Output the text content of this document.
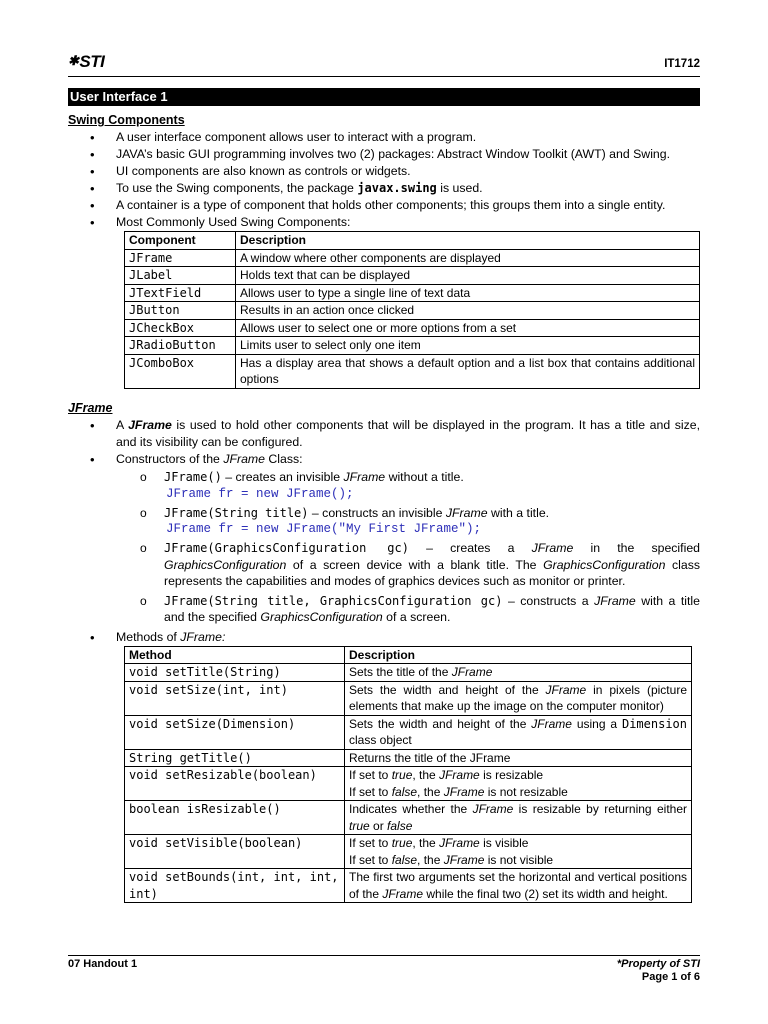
✱STI	IT1712
User Interface 1
Swing Components
• A user interface component allows user to interact with a program.
• JAVA’s basic GUI programming involves two (2) packages: Abstract Window Toolkit (AWT) and Swing.
• UI components are also known as controls or widgets.
• To use the Swing components, the package javax.swing is used.
• A container is a type of component that holds other components; this groups them into a single entity.
• Most Commonly Used Swing Components:
Component	Description
JFrame	A window where other components are displayed
JLabel	Holds text that can be displayed
JTextField	Allows user to type a single line of text data
JButton	Results in an action once clicked
JCheckBox	Allows user to select one or more options from a set
JRadioButton	Limits user to select only one item
JComboBox	Has a display area that shows a default option and a list box that contains additional options
JFrame
• A JFrame is used to hold other components that will be displayed in the program. It has a title and size, and its visibility can be configured.
• Constructors of the JFrame Class:
o JFrame() – creates an invisible JFrame without a title.
JFrame fr = new JFrame();
o JFrame(String title) – constructs an invisible JFrame with a title.
JFrame fr = new JFrame("My First JFrame");
o JFrame(GraphicsConfiguration gc) – creates a JFrame in the specified GraphicsConfiguration of a screen device with a blank title. The GraphicsConfiguration class represents the capabilities and modes of graphics devices such as monitor or printer.
o JFrame(String title, GraphicsConfiguration gc) – constructs a JFrame with a title and the specified GraphicsConfiguration of a screen.
• Methods of JFrame:
Method	Description
void setTitle(String)	Sets the title of the JFrame
void setSize(int, int)	Sets the width and height of the JFrame in pixels (picture elements that make up the image on the computer monitor)
void setSize(Dimension)	Sets the width and height of the JFrame using a Dimension class object
String getTitle()	Returns the title of the JFrame
void setResizable(boolean)	If set to true, the JFrame is resizable
If set to false, the JFrame is not resizable

boolean isResizable()	Indicates whether the JFrame is resizable by returning either true or false
void setVisible(boolean)	If set to true, the JFrame is visible
If set to false, the JFrame is not visible

void setBounds(int, int, int, int)	The first two arguments set the horizontal and vertical positions of the JFrame while the final two (2) set its width and height.
07 Handout 1	*Property of STI
Page 1 of 6
